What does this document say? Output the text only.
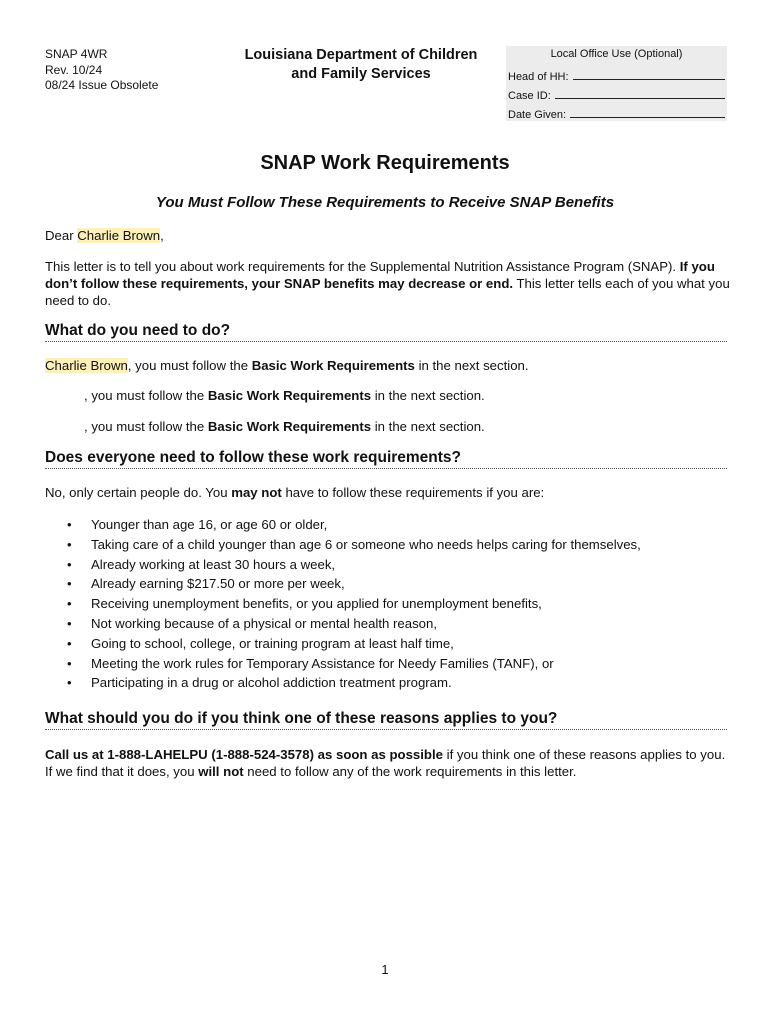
SNAP 4WR
Rev. 10/24
08/24 Issue Obsolete
Louisiana Department of Children
and Family Services
Local Office Use (Optional)
Head of HH:
Case ID:
Date Given:
SNAP Work Requirements
You Must Follow These Requirements to Receive SNAP Benefits
Dear Charlie Brown,
This letter is to tell you about work requirements for the Supplemental Nutrition Assistance Program (SNAP). If you don’t follow these requirements, your SNAP benefits may decrease or end. This letter tells each of you what you need to do.
What do you need to do?
Charlie Brown, you must follow the Basic Work Requirements in the next section.
, you must follow the Basic Work Requirements in the next section.
, you must follow the Basic Work Requirements in the next section.
Does everyone need to follow these work requirements?
No, only certain people do. You may not have to follow these requirements if you are:
• Younger than age 16, or age 60 or older,
• Taking care of a child younger than age 6 or someone who needs helps caring for themselves,
• Already working at least 30 hours a week,
• Already earning $217.50 or more per week,
• Receiving unemployment benefits, or you applied for unemployment benefits,
• Not working because of a physical or mental health reason,
• Going to school, college, or training program at least half time,
• Meeting the work rules for Temporary Assistance for Needy Families (TANF), or
• Participating in a drug or alcohol addiction treatment program.
What should you do if you think one of these reasons applies to you?
Call us at 1-888-LAHELPU (1-888-524-3578) as soon as possible if you think one of these reasons applies to you. If we find that it does, you will not need to follow any of the work requirements in this letter.
1
